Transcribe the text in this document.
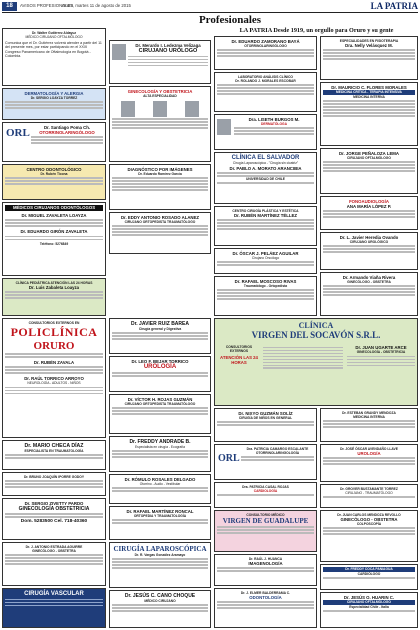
18	AVISOS PROFESIONALES
Oruro, martes 11 de agosto de 2015	LA PATRIA
Profesionales
LA PATRIA Desde 1919, un orgullo para Oruro y su gente
Dr. Walter Gutiérrez Aldayuz
MÉDICO CIRUJANO OFTALMÓLOGO
Comunica que el Dr. Gutiérrez volverá atender a partir del 11 del presente mes, por estar participando en el XXXI Congreso Panamericano de Oftalmología en Bogotá - Colombia.
DERMATOLOGÍA Y ALERGIA
Dr. SERGIO LOAYZA TORREZ
ORL	Dr. Santiago Poma Ch.
OTORRINOLARINGÓLOGO
CENTRO ODONTOLÓGICO
Dr. Rubén Ticona
MÉDICOS CIRUJANOS ODONTÓLOGOS
Dr. MIGUEL ZAVALETA LOAYZA
Dr. EDUARDO GIRÓN ZAVALETA
Teléfono: 5276849
CLÍNICA PEDIÁTRICA ATENCIÓN LAS 24 HORAS
Dr. Luis Zabaleta Loayza
Dr. Merardo I. Ledezma Velizaga
CIRUJANO URÓLOGO
GINECOLOGÍA Y OBSTETRICIA
ALTA ESPECIALIDAD
DIAGNÓSTICO POR IMÁGENES
Dr. Eduardo Ramírez García
Dr. EDDY ANTONIO ROSADO ALANEZ
CIRUJANO ORTOPEDISTA TRAUMATÓLOGO
Dr. EDUARDO ZAMORANO BAYÁ
OTORRINOLARINGÓLOGO
LABORATORIO ANÁLISIS CLÍNICO
Dr. ROLANDO J. MORALES ESCOBAR
Dra. LISETH BURGOS M.
DERMATÓLOGA
CLÍNICA EL SALVADOR
Cirugía Laparoscópica - "Cirugía sin cicatriz"
Dr. PABLO A. MORATO ARANCIBIA
UNIVERSIDAD DE CHILE
CENTRO CIRUGÍA PLÁSTICA Y ESTÉTICA
Dr. RUBÉN MARTÍNEZ TÉLLEZ
Dr. ÓSCAR J. PELÁEZ AGUILAR
Cirujano Oncólogo
Dr. RAFAEL MOSCOSO RIVAS
Traumatólogo - Ortopedista
ESPECIALIDADES EN FISIOTERAPIA
Dra. Nelly Velásquez M.
Dr. MAURICIO C. FLORES MORALES
MEDICINA CRÍTICA - TERAPIA INTENSIVA
MEDICINA INTERNA
Dr. JORGE PEÑALOZA LEMA
CIRUJANO OFTALMÓLOGO
FONOAUDIOLOGÍA
ANA MARÍA LÓPEZ P.
Dr. L. Javier Heredia Ovando
CIRUJANO UROLÓGICO
Dr. Armando Viaña Rivera
GINECÓLOGO - OBSTETRA
CONSULTORIOS EXTERNOS EN
POLICLÍNICA
ORURO
Dr. RUBÉN ZAVALA
Dr. RAÚL TORRICO ARROYO
NEUROLOGÍA - ADULTOS - NIÑOS
Dr. MARIO CHECA DÍAZ
ESPECIALISTA EN TRAUMATOLOGÍA
Dr. BRUNO JOAQUÍN IPORRE GODOY
Dr. SERGIO ZIVETTY PARDO
GINECOLOGÍA OBSTETRICIA
Dom. 5283500 Cel. 718-40360
Dr. J. ANTONIO ESTRADA AGUIRRE
GINECÓLOGO - OBSTETRA
CIRUGÍA VASCULAR
Dr. JAVIER RUIZ BAREA
Cirugía general y Digestiva
Dr. LEO F. BEJAR TORRICO
UROLOGÍA
Dr. VÍCTOR H. ROJAS GUZMÁN
CIRUJANO ORTOPEDISTA TRAUMATÓLOGO
Dr. FREDDY ANDRADE B.
Especialista en cirugía - Ecografía
Dr. RÓMULO ROSALES DELGADO
Otorrino - Audio - Vestibular
Dr. RAFAEL MARTÍNEZ RONCAL
ORTOPEDIA Y TRAUMATOLOGÍA
CIRUGÍA LAPAROSCÓPICA
Dr. R. Vargas González Aramayo
Dr. JESÚS C. CANO CHOQUE
MÉDICO CIRUJANO
CLÍNICA
VIRGEN DEL SOCAVÓN S.R.L.
CONSULTORIOS EXTERNOS
ATENCIÓN LAS 24 HORAS
Dr. JUAN UGARTE ARCE
GINECOLOGÍA - OBSTETRICIA
Dr. NIXYO GUZMÁN SOLÍZ
CIRUGÍA DE NIÑOS EN GENERAL
ORL
Dra. PATRICIA CAMARGO ESCALANTE
OTORRINOLARINGOLOGÍA
Dra. PATRICIA CASAL ROJAS
CARDIOLOGÍA
Dr. ESTEBAN GRANDY MENDOZA
MEDICINA INTERNA
Dr. JOSÉ ÓSCAR AVENDAÑO LLAVE
UROLOGÍA
Dr. GROVER BUSTAMANTE TORREZ
CIRUJANO - TRAUMATÓLOGO
CONSULTORIO MÉDICO
VIRGEN DE GUADALUPE
Dr. RAÚL J. HUANCA
IMAGENOLOGÍA
Dr. J. ELMER BALDERRAMA C.
ODONTOLOGÍA
Dr. JUAN CARLOS MENDOZA REVOLLO
GINECÓLOGO - OBSTETRA
COLPOSCOPÍA
Dr. FREDDY COCA PANIAGUA
CARDIÓLOGO
Dr. JESÚS O. HUARIN C.
CIRUJANO OFTALMÓLOGO
Especialidad Chile - Italia
